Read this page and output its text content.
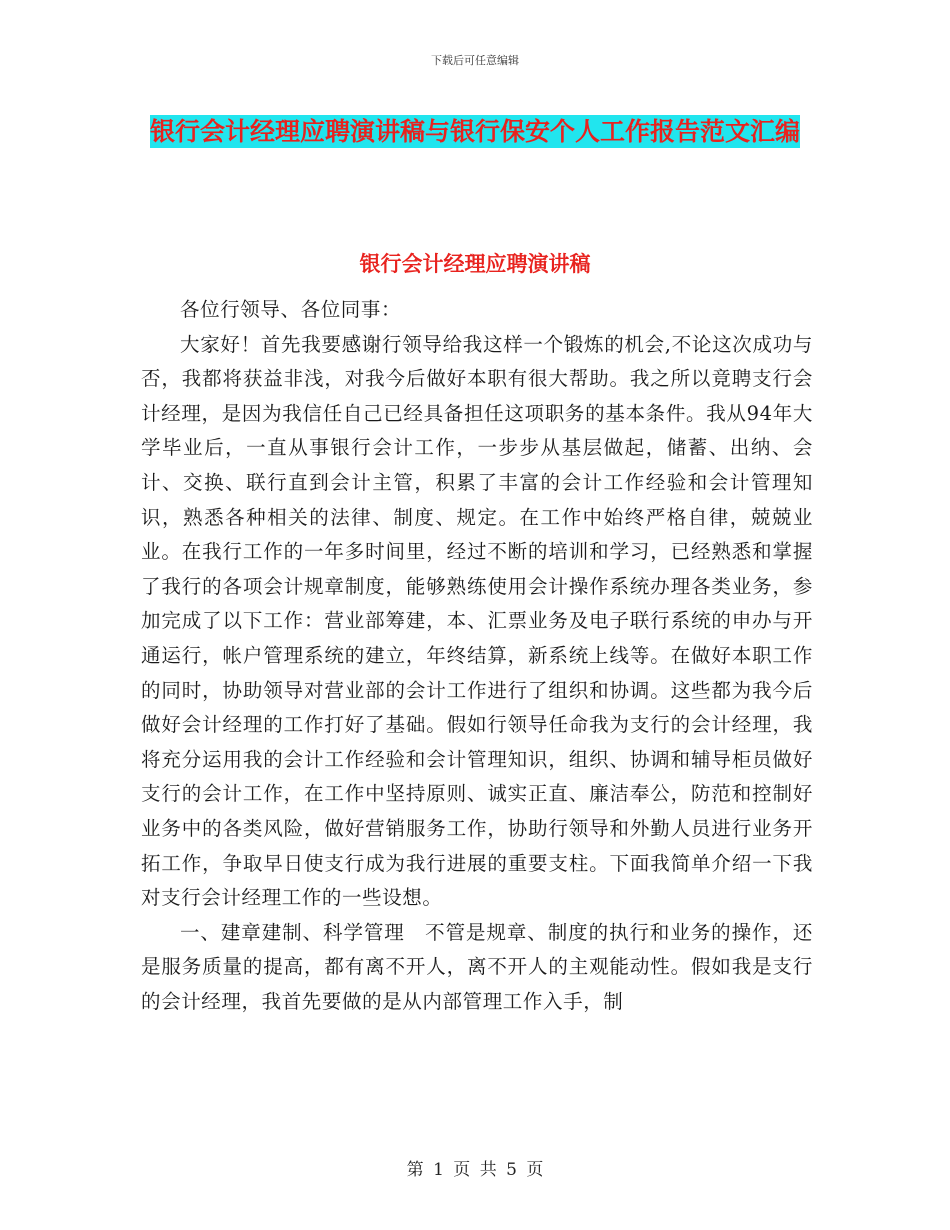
下载后可任意编辑
银行会计经理应聘演讲稿与银行保安个人工作报告范文汇编
银行会计经理应聘演讲稿

各位行领导、各位同事：

大家好！首先我要感谢行领导给我这样一个锻炼的机会,不论这次成功与否，我都将获益非浅，对我今后做好本职有很大帮助。我之所以竟聘支行会计经理，是因为我信任自己已经具备担任这项职务的基本条件。我从94年大学毕业后，一直从事银行会计工作，一步步从基层做起，储蓄、出纳、会计、交换、联行直到会计主管，积累了丰富的会计工作经验和会计管理知识，熟悉各种相关的法律、制度、规定。在工作中始终严格自律，兢兢业业。在我行工作的一年多时间里，经过不断的培训和学习，已经熟悉和掌握了我行的各项会计规章制度，能够熟练使用会计操作系统办理各类业务，参加完成了以下工作：营业部筹建，本、汇票业务及电子联行系统的申办与开通运行，帐户管理系统的建立，年终结算，新系统上线等。在做好本职工作的同时，协助领导对营业部的会计工作进行了组织和协调。这些都为我今后做好会计经理的工作打好了基础。假如行领导任命我为支行的会计经理，我将充分运用我的会计工作经验和会计管理知识，组织、协调和辅导柜员做好支行的会计工作，在工作中坚持原则、诚实正直、廉洁奉公，防范和控制好业务中的各类风险，做好营销服务工作，协助行领导和外勤人员进行业务开拓工作，争取早日使支行成为我行进展的重要支柱。下面我简单介绍一下我对支行会计经理工作的一些设想。

一、建章建制、科学管理　不管是规章、制度的执行和业务的操作，还是服务质量的提高，都有离不开人，离不开人的主观能动性。假如我是支行的会计经理，我首先要做的是从内部管理工作入手，制

第 1 页 共 5 页
